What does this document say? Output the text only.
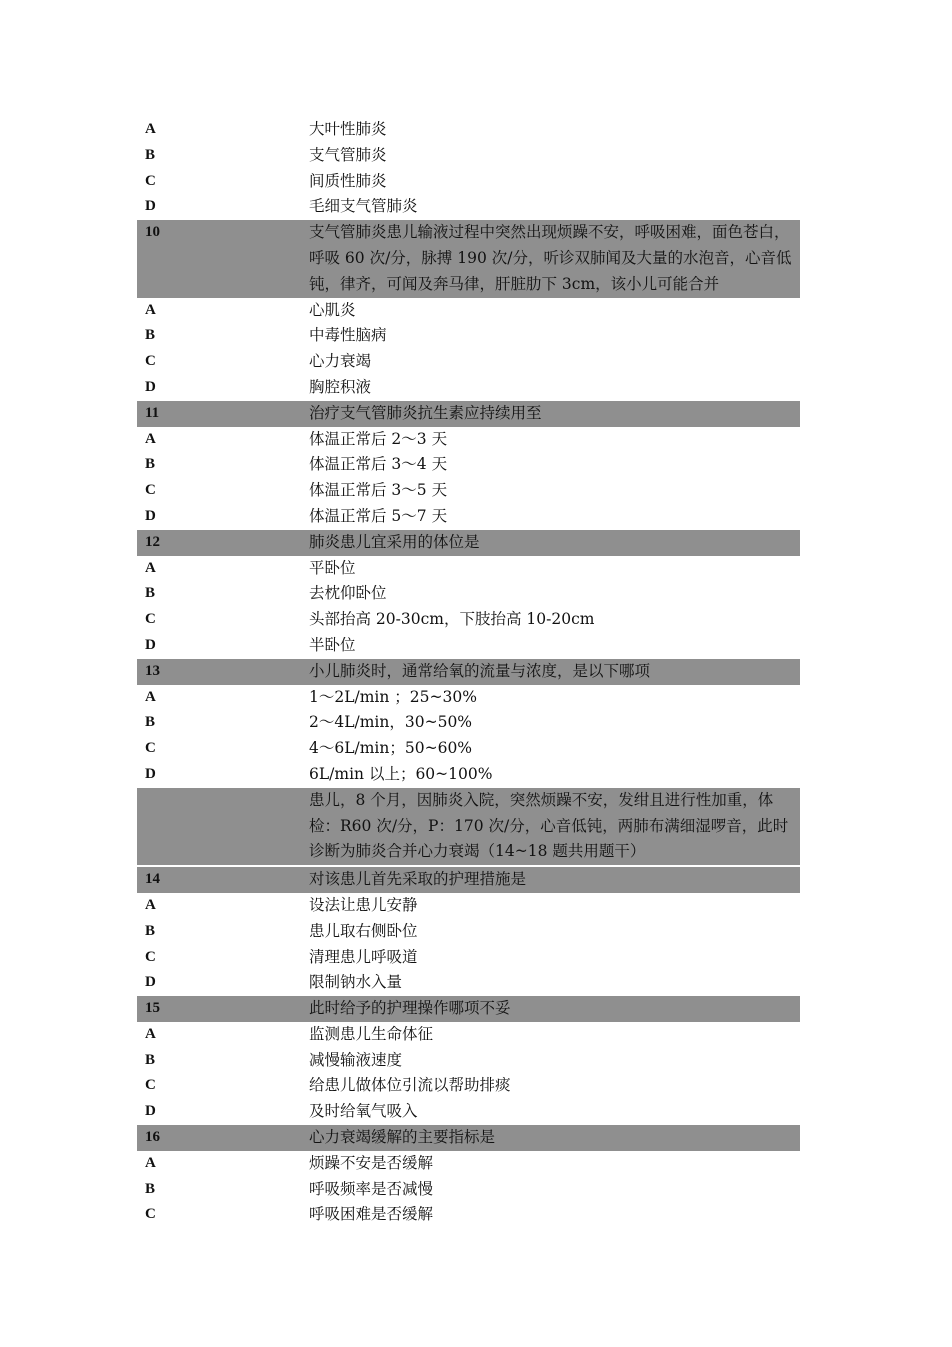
A	大叶性肺炎
B	支气管肺炎
C	间质性肺炎
D	毛细支气管肺炎
10	支气管肺炎患儿输液过程中突然出现烦躁不安，呼吸困难，面色苍白，呼吸 60 次/分，脉搏 190 次/分，听诊双肺闻及大量的水泡音，心音低钝，律齐，可闻及奔马律，肝脏肋下 3cm，该小儿可能合并
A	心肌炎
B	中毒性脑病
C	心力衰竭
D	胸腔积液
11	治疗支气管肺炎抗生素应持续用至
A	体温正常后 2～3 天
B	体温正常后 3～4 天
C	体温正常后 3～5 天
D	体温正常后 5～7 天
12	肺炎患儿宜采用的体位是
A	平卧位
B	去枕仰卧位
C	头部抬高 20-30cm，下肢抬高 10-20cm
D	半卧位
13	小儿肺炎时，通常给氧的流量与浓度，是以下哪项
A	1～2L/min ；25~30%
B	2～4L/min，30~50%
C	4～6L/min；50~60%
D	6L/min 以上；60~100%
患儿，8 个月，因肺炎入院，突然烦躁不安，发绀且进行性加重，体检：R60 次/分，P：170 次/分，心音低钝，两肺布满细湿啰音，此时诊断为肺炎合并心力衰竭（14~18 题共用题干）
14	对该患儿首先采取的护理措施是
A	设法让患儿安静
B	患儿取右侧卧位
C	清理患儿呼吸道
D	限制钠水入量
15	此时给予的护理操作哪项不妥
A	监测患儿生命体征
B	减慢输液速度
C	给患儿做体位引流以帮助排痰
D	及时给氧气吸入
16	心力衰竭缓解的主要指标是
A	烦躁不安是否缓解
B	呼吸频率是否减慢
C	呼吸困难是否缓解
